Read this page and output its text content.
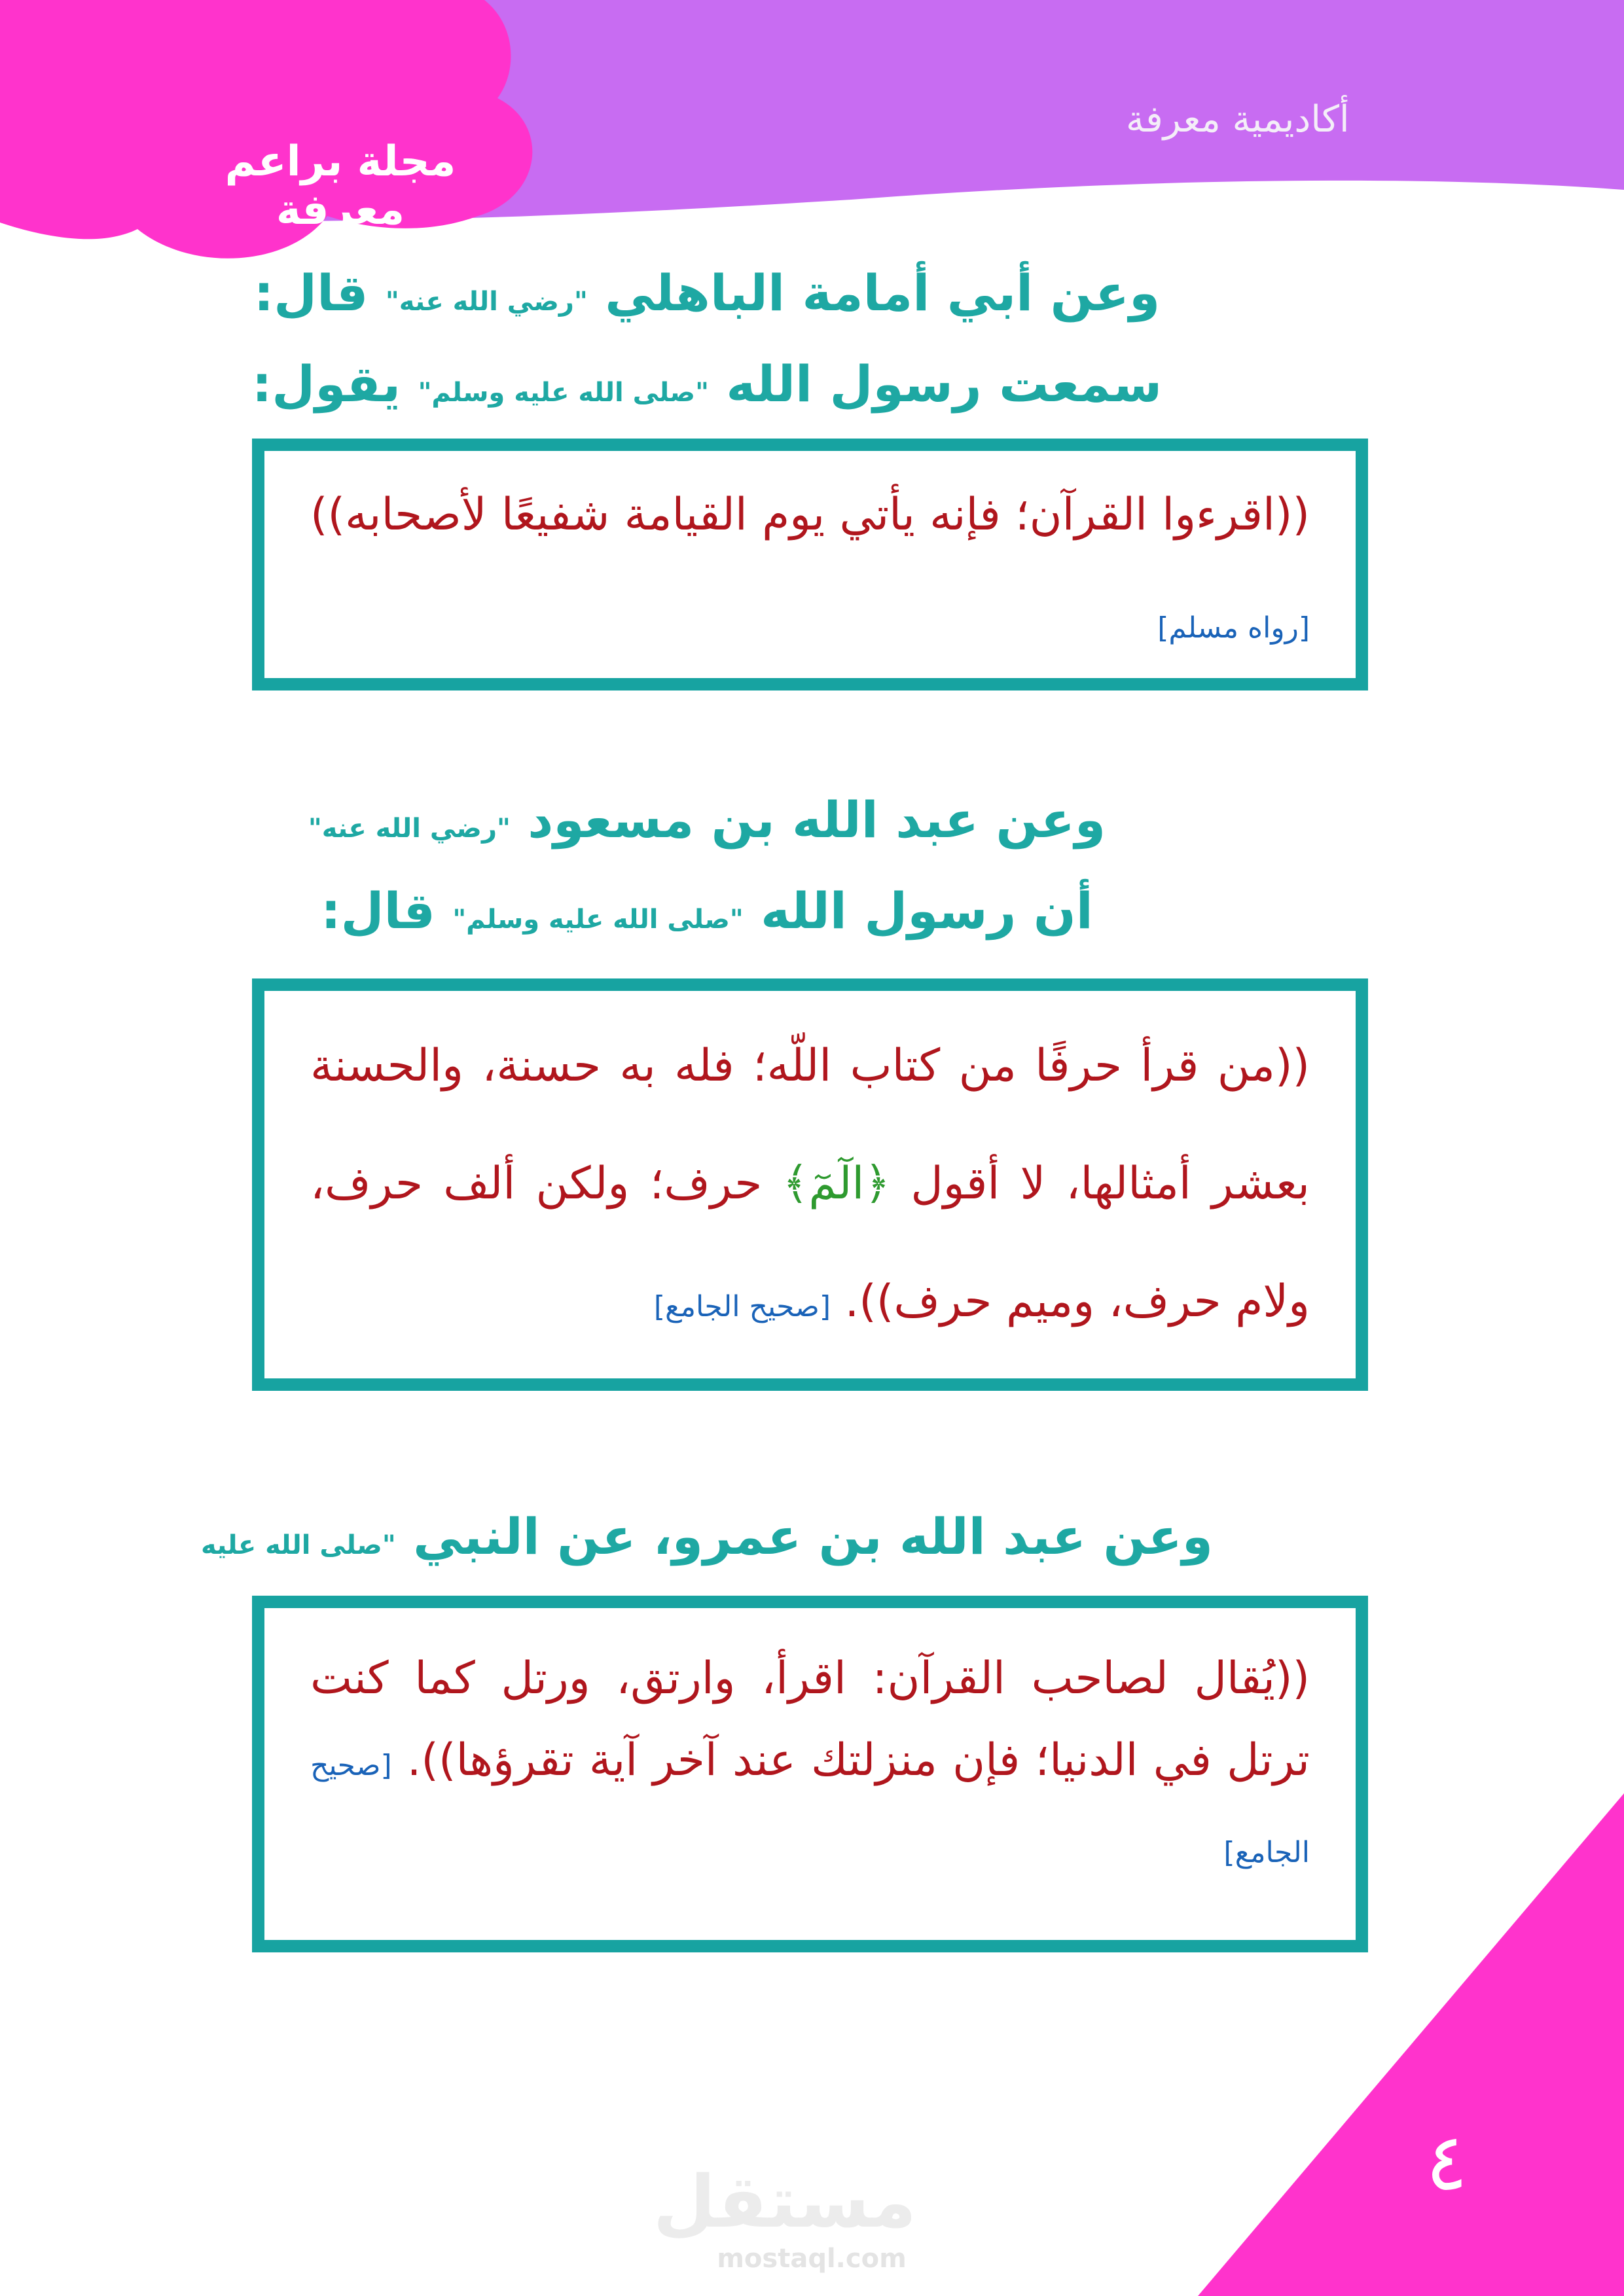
أكاديمية معرفة
مجلة براعم معرفة
وعن أبي أمامة الباهلي "رضي الله عنه" قال:
سمعت رسول الله "صلى الله عليه وسلم" يقول:

((اقرءوا القرآن؛ فإنه يأتي يوم القيامة شفيعًا لأصحابه)) [رواه مسلم]

وعن عبد الله بن مسعود "رضي الله عنه"
أن رسول الله "صلى الله عليه وسلم" قال:

((من قرأ حرفًا من كتاب اللّه؛ فله به حسنة، والحسنة بعشر أمثالها، لا أقول ﴿الٓمٓ﴾ حرف؛ ولكن ألف حرف، ولام حرف، وميم حرف)). [صحيح الجامع]

وعن عبد الله بن عمرو، عن النبي "صلى الله عليه

((يُقال لصاحب القرآن: اقرأ، وارتق، ورتل كما كنت ترتل في الدنيا؛ فإن منزلتك عند آخر آية تقرؤها)). [صحيح الجامع]

٤
مستقل
mostaql.com
